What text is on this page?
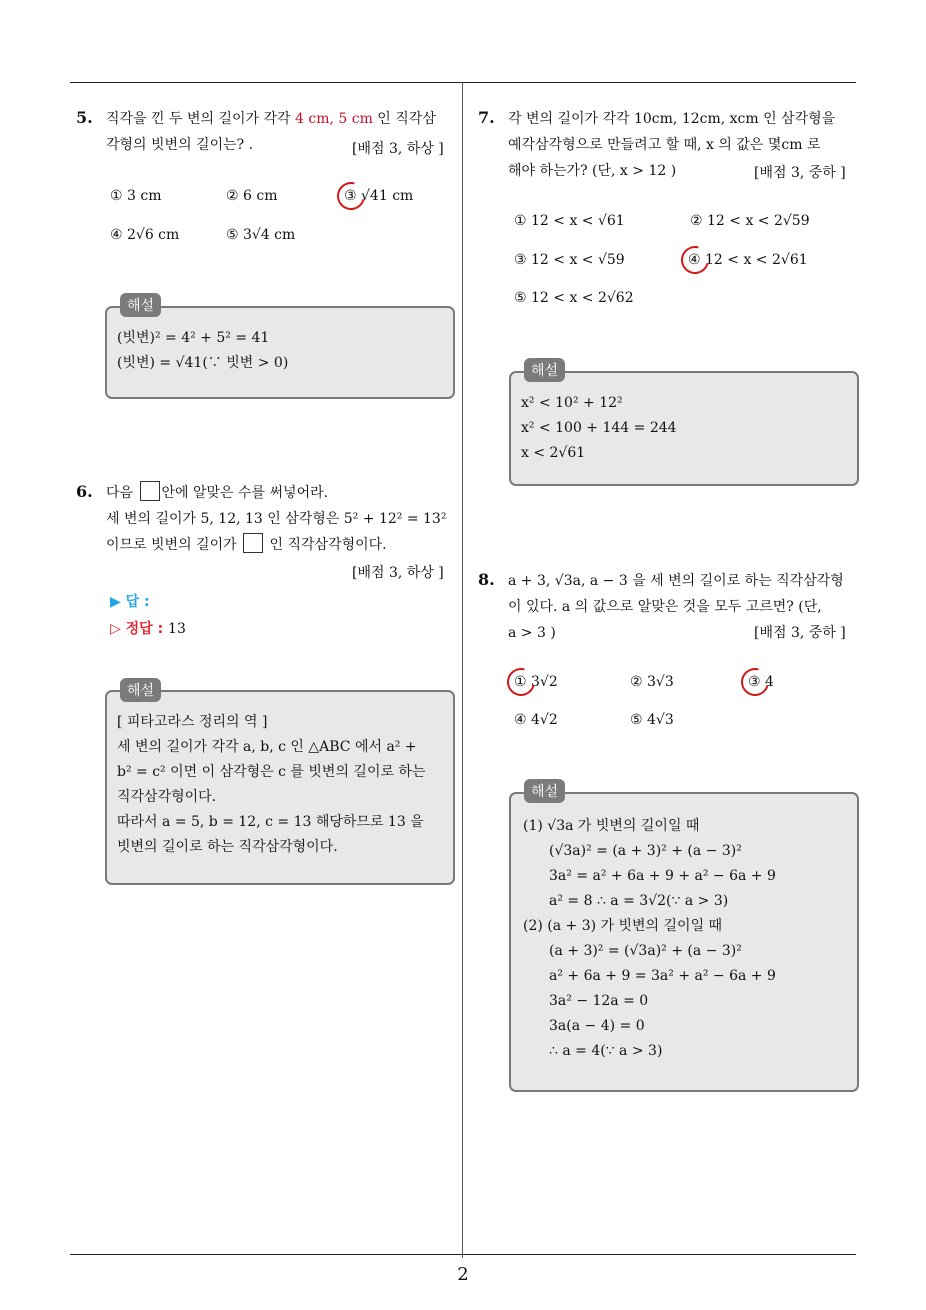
5. 직각을 낀 두 변의 길이가 각각 4 cm, 5 cm 인 직각삼
각형의 빗변의 길이는? .	[배점 3, 하상 ]
① 3 cm	② 6 cm	③ √41 cm
④ 2√6 cm	⑤ 3√4 cm
(빗변)² = 4² + 5² = 41
(빗변) = √41(∵ 빗변 > 0)
해설
6. 다음 안에 알맞은 수를 써넣어라.
세 변의 길이가 5, 12, 13 인 삼각형은 5² + 12² = 13²
이므로 빗변의 길이가  인 직각삼각형이다.
[배점 3, 하상 ]
▶ 답 :
▷ 정답 : 13
[ 피타고라스 정리의 역 ]
세 변의 길이가 각각 a, b, c 인 △ABC 에서 a² +
b² = c² 이면 이 삼각형은 c 를 빗변의 길이로 하는
직각삼각형이다.
따라서 a = 5, b = 12, c = 13 해당하므로 13 을
빗변의 길이로 하는 직각삼각형이다.
해설
7. 각 변의 길이가 각각 10cm, 12cm, xcm 인 삼각형을
예각삼각형으로 만들려고 할 때, x 의 값은 몇cm 로
해야 하는가? (단, x > 12 )	[배점 3, 중하 ]
① 12 < x < √61	② 12 < x < 2√59
③ 12 < x < √59	④ 12 < x < 2√61
⑤ 12 < x < 2√62
x² < 10² + 12²
x² < 100 + 144 = 244
x < 2√61
해설
8. a + 3, √3a, a − 3 을 세 변의 길이로 하는 직각삼각형
이 있다. a 의 값으로 알맞은 것을 모두 고르면? (단,
a > 3 )	[배점 3, 중하 ]
① 3√2	② 3√3	③ 4
④ 4√2	⑤ 4√3
(1) √3a 가 빗변의 길이일 때
(√3a)² = (a + 3)² + (a − 3)²
3a² = a² + 6a + 9 + a² − 6a + 9
a² = 8 ∴ a = 3√2(∵ a > 3)
(2) (a + 3) 가 빗변의 길이일 때
(a + 3)² = (√3a)² + (a − 3)²
a² + 6a + 9 = 3a² + a² − 6a + 9
3a² − 12a = 0
3a(a − 4) = 0
∴ a = 4(∵ a > 3)
해설
2
